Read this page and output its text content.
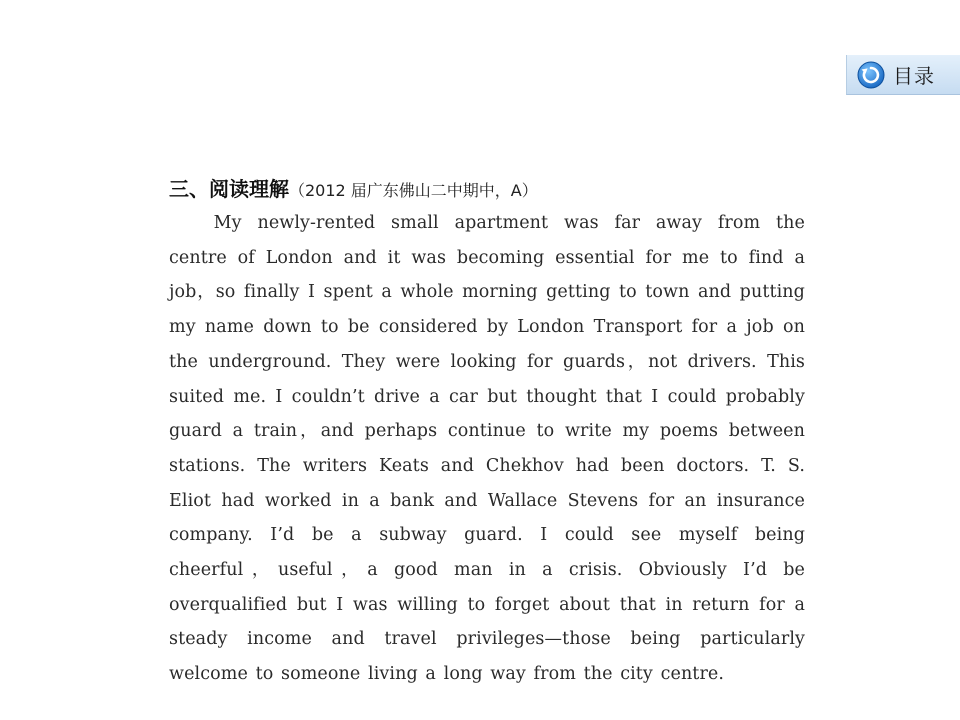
目录
三、阅读理解（2012 届广东佛山二中期中，A）

My newly-rented small apartment was far away from the centre of London and it was becoming essential for me to find a job，so finally I spent a whole morning getting to town and putting my name down to be considered by London Transport for a job on the underground. They were looking for guards，not drivers. This suited me. I couldn’t drive a car but thought that I could probably guard a train，and perhaps continue to write my poems between stations. The writers Keats and Chekhov had been doctors. T. S. Eliot had worked in a bank and Wallace Stevens for an insurance company. I’d be a subway guard. I could see myself being cheerful，useful，a good man in a crisis. Obviously I’d be overqualified but I was willing to forget about that in return for a steady income and travel privileges—those being particularly welcome to someone living a long way from the city centre.
